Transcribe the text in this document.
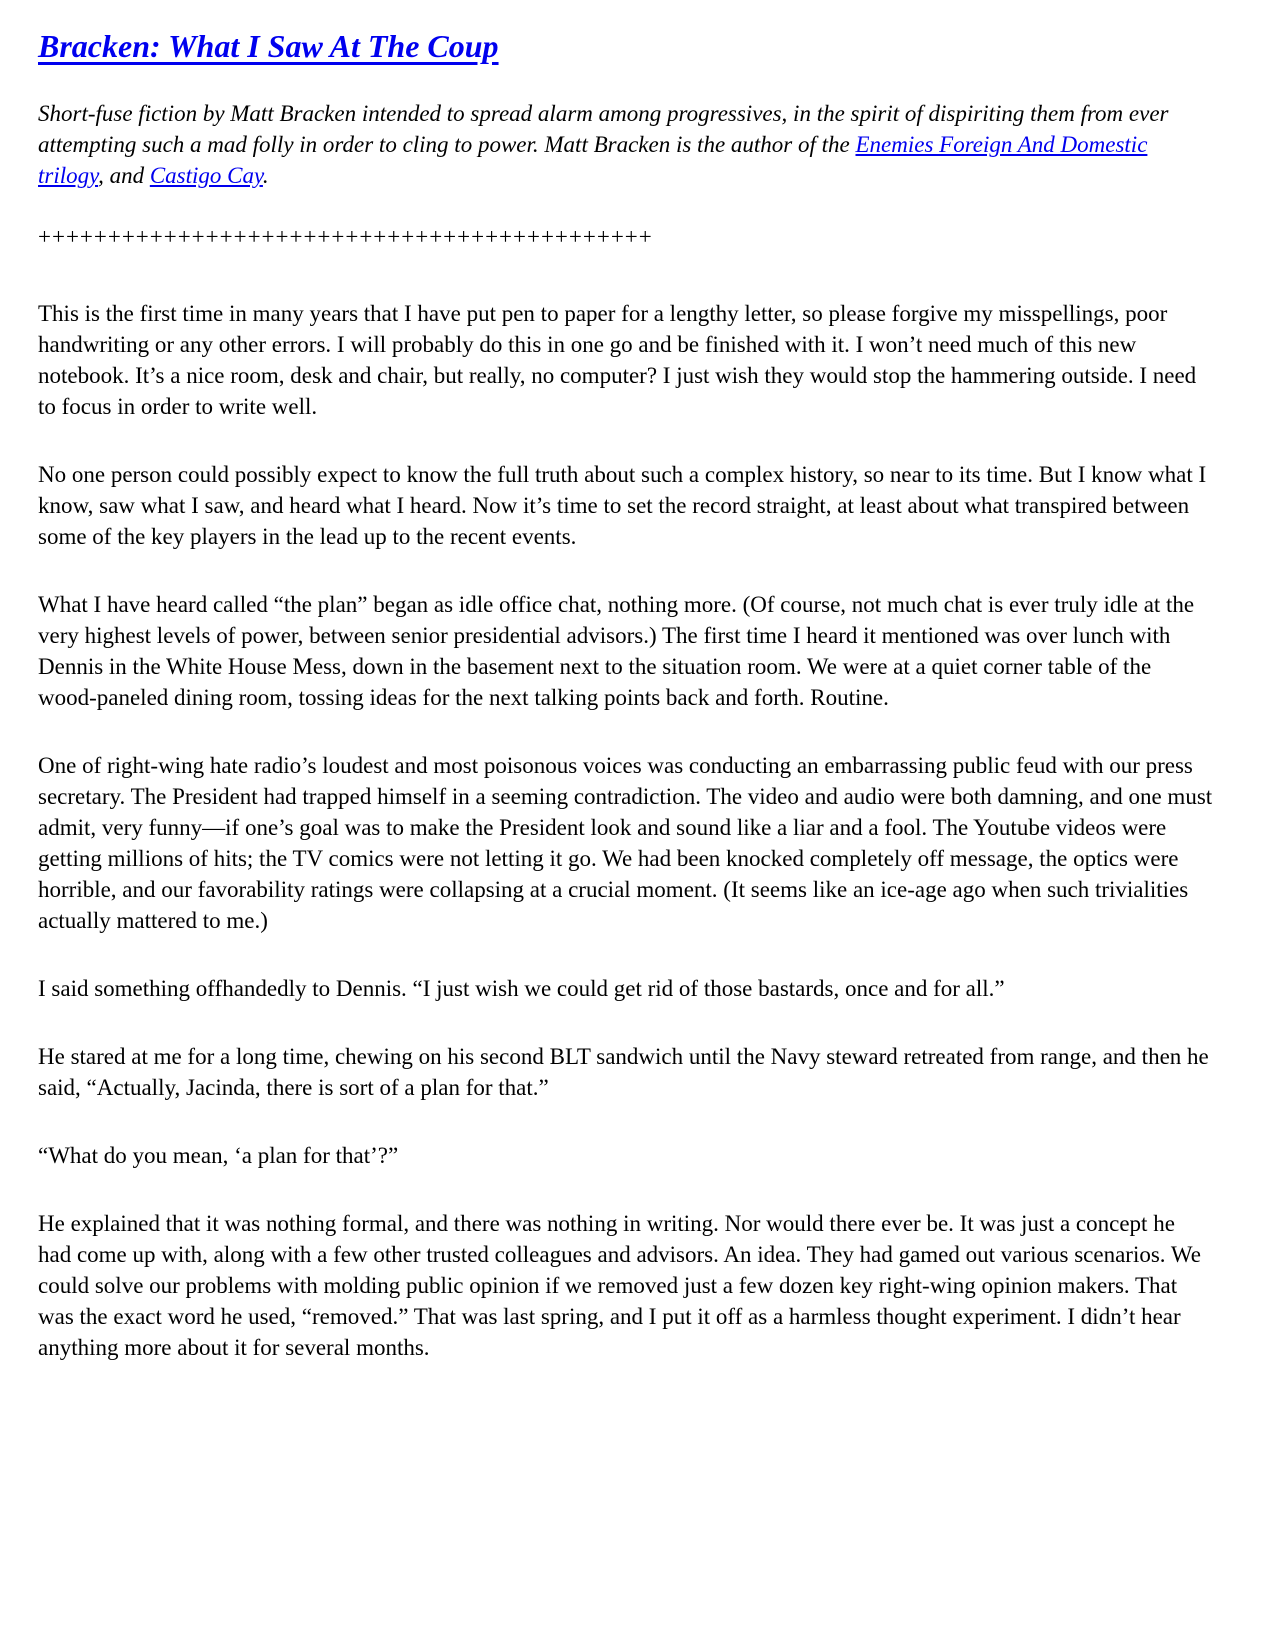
Bracken: What I Saw At The Coup

Short-fuse fiction by Matt Bracken intended to spread alarm among progressives, in the spirit of dispiriting them from ever attempting such a mad folly in order to cling to power. Matt Bracken is the author of the Enemies Foreign And Domestic trilogy, and Castigo Cay.

++++++++++++++++++++++++++++++++++++++++++++

This is the first time in many years that I have put pen to paper for a lengthy letter, so please forgive my misspellings, poor handwriting or any other errors. I will probably do this in one go and be finished with it. I won’t need much of this new notebook. It’s a nice room, desk and chair, but really, no computer? I just wish they would stop the hammering outside. I need to focus in order to write well.

No one person could possibly expect to know the full truth about such a complex history, so near to its time. But I know what I know, saw what I saw, and heard what I heard. Now it’s time to set the record straight, at least about what transpired between some of the key players in the lead up to the recent events.

What I have heard called “the plan” began as idle office chat, nothing more. (Of course, not much chat is ever truly idle at the very highest levels of power, between senior presidential advisors.) The first time I heard it mentioned was over lunch with Dennis in the White House Mess, down in the basement next to the situation room. We were at a quiet corner table of the wood-paneled dining room, tossing ideas for the next talking points back and forth. Routine.

One of right-wing hate radio’s loudest and most poisonous voices was conducting an embarrassing public feud with our press secretary. The President had trapped himself in a seeming contradiction. The video and audio were both damning, and one must admit, very funny—if one’s goal was to make the President look and sound like a liar and a fool. The Youtube videos were getting millions of hits; the TV comics were not letting it go. We had been knocked completely off message, the optics were horrible, and our favorability ratings were collapsing at a crucial moment. (It seems like an ice-age ago when such trivialities actually mattered to me.)

I said something offhandedly to Dennis. “I just wish we could get rid of those bastards, once and for all.”

He stared at me for a long time, chewing on his second BLT sandwich until the Navy steward retreated from range, and then he said, “Actually, Jacinda, there is sort of a plan for that.”

“What do you mean, ‘a plan for that’?”

He explained that it was nothing formal, and there was nothing in writing. Nor would there ever be. It was just a concept he had come up with, along with a few other trusted colleagues and advisors. An idea. They had gamed out various scenarios. We could solve our problems with molding public opinion if we removed just a few dozen key right-wing opinion makers. That was the exact word he used, “removed.” That was last spring, and I put it off as a harmless thought experiment. I didn’t hear anything more about it for several months.
